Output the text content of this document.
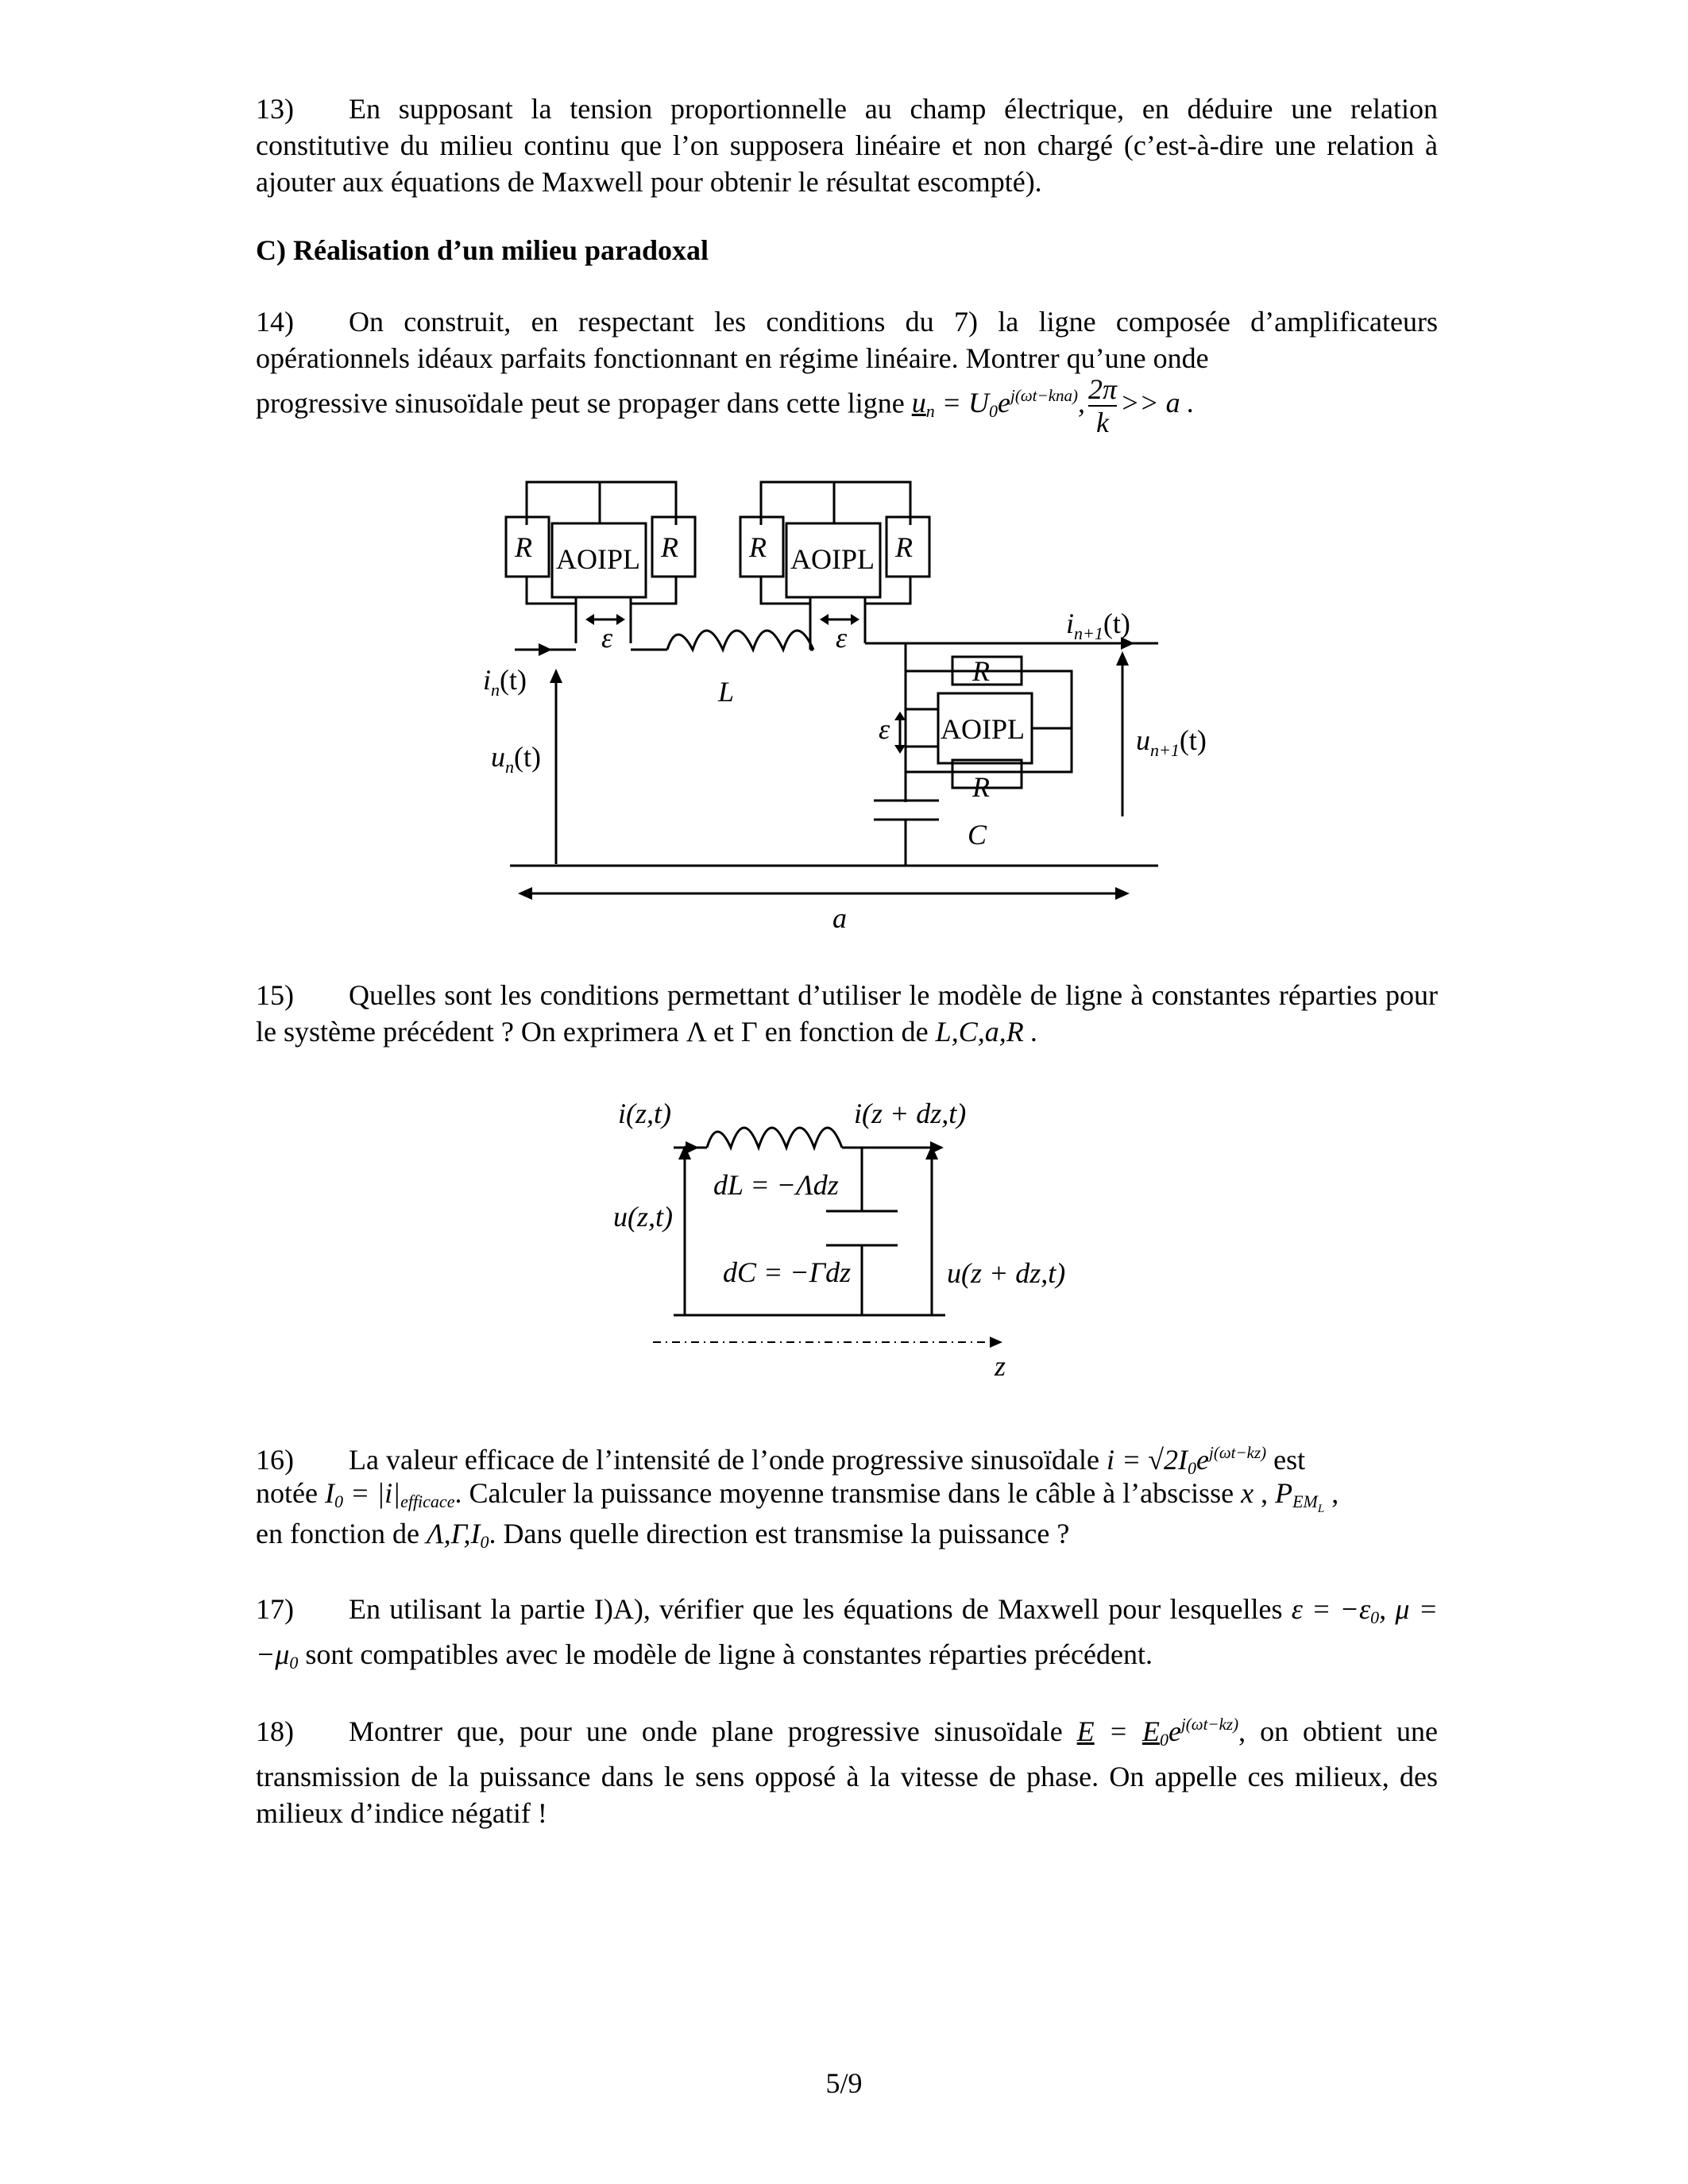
13) En supposant la tension proportionnelle au champ électrique, en déduire une relation constitutive du milieu continu que l’on supposera linéaire et non chargé (c’est-à-dire une relation à ajouter aux équations de Maxwell pour obtenir le résultat escompté).
C) Réalisation d’un milieu paradoxal
14) On construit, en respectant les conditions du 7) la ligne composée d’amplificateurs opérationnels idéaux parfaits fonctionnant en régime linéaire. Montrer qu’une onde
progressive sinusoïdale peut se propager dans cette ligne $u_n = U_0e^{j(\omega t-kna)}$, $\frac{2\pi}{k} >> a$ .
R	R R	R
R
R
ε	ε
ε
L
C
a
$i_n(t)$
$u_n(t)$
$i_{n+1}(t)$
$u_{n+1}(t)$
AOIPL	AOIPL
AOIPL
15) Quelles sont les conditions permettant d’utiliser le modèle de ligne à constantes réparties pour le système précédent ? On exprimera Λ et Γ en fonction de L,C,a,R .
i(z,t)	i(z + dz,t)
u(z,t)
dL = −Λdz
dC = −Γdz	u(z + dz,t)
z
16) La valeur efficace de l’intensité de l’onde progressive sinusoïdale $i = √2I_0e^{j(\omega t-kz)}$ est
notée $I_0 = |i|_{efficace}$. Calculer la puissance moyenne transmise dans le câble à l’abscisse x , $P_{EML}$ ,
en fonction de $\Lambda,\Gamma,I_0$. Dans quelle direction est transmise la puissance ?
17) En utilisant la partie I)A), vérifier que les équations de Maxwell pour lesquelles $\varepsilon = -\varepsilon_0$, $\mu = -\mu_0$ sont compatibles avec le modèle de ligne à constantes réparties précédent.
18) Montrer que, pour une onde plane progressive sinusoïdale $E = E_0e^{j(\omega t-kz)}$, on obtient une transmission de la puissance dans le sens opposé à la vitesse de phase. On appelle ces milieux, des milieux d’indice négatif !
5/9
